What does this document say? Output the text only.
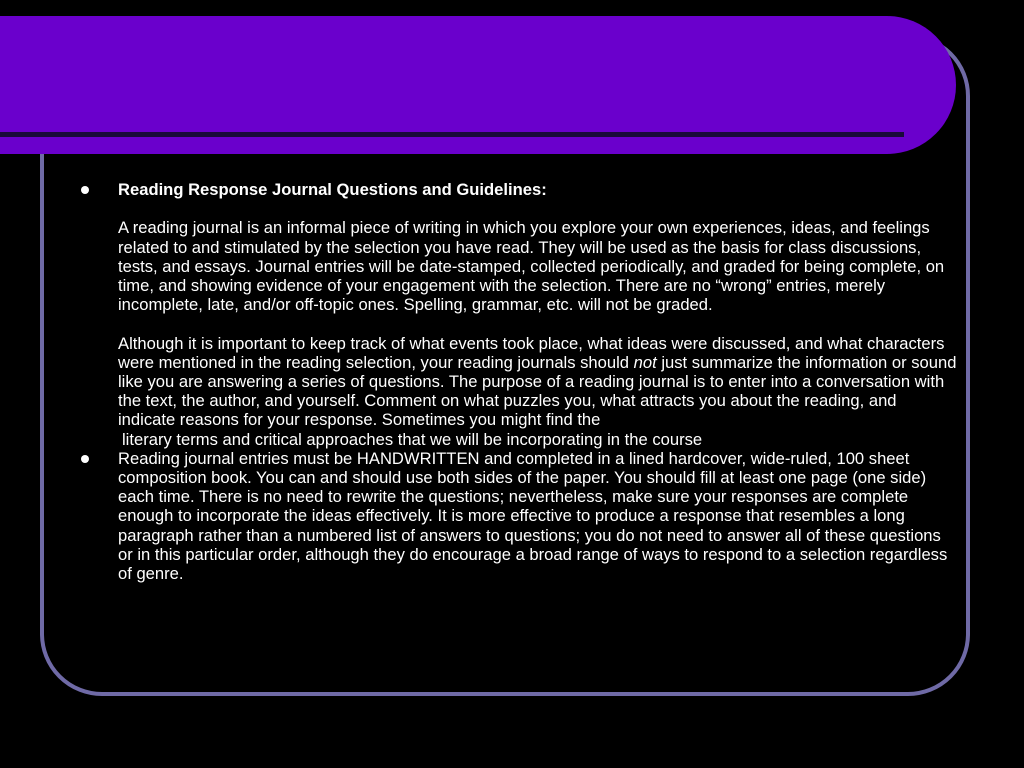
Reading Response Journal Questions and Guidelines:

A reading journal is an informal piece of writing in which you explore your own experiences, ideas, and feelings related to and stimulated by the selection you have read. They will be used as the basis for class discussions, tests, and essays. Journal entries will be date-stamped, collected periodically, and graded for being complete, on time, and showing evidence of your engagement with the selection. There are no “wrong” entries, merely incomplete, late, and/or off-topic ones. Spelling, grammar, etc. will not be graded.

Although it is important to keep track of what events took place, what ideas were discussed, and what characters were mentioned in the reading selection, your reading journals should not just summarize the information or sound like you are answering a series of questions. The purpose of a reading journal is to enter into a conversation with the text, the author, and yourself. Comment on what puzzles you, what attracts you about the reading, and indicate reasons for your response. Sometimes you might find the

literary terms and critical approaches that we will be incorporating in the course

Reading journal entries must be HANDWRITTEN and completed in a lined hardcover, wide-ruled, 100 sheet composition book. You can and should use both sides of the paper. You should fill at least one page (one side) each time. There is no need to rewrite the questions; nevertheless, make sure your responses are complete enough to incorporate the ideas effectively. It is more effective to produce a response that resembles a long paragraph rather than a numbered list of answers to questions; you do not need to answer all of these questions or in this particular order, although they do encourage a broad range of ways to respond to a selection regardless of genre.
